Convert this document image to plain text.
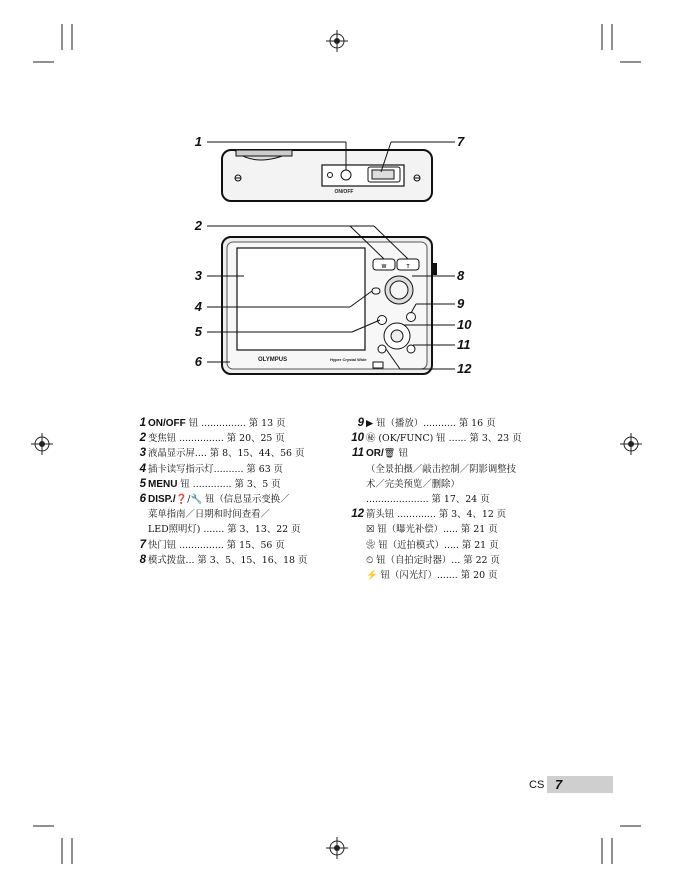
ON/OFF
W	T
OLYMPUS	Hyper Crystal Wide
1	7
2
3	8
4	9
5	10
11
6	12
1 ON/OFF 钮 ............... 第 13 页
2 变焦钮 ............... 第 20、25 页
3 液晶显示屏.... 第 8、15、44、56 页
4 插卡读写指示灯.......... 第 63 页
5 MENU 钮 ............. 第 3、5 页
6 DISP./❓/🔧 钮（信息显示变换／
菜单指南／日期和时间查看／
LED照明灯) ....... 第 3、13、22 页
7 快门钮 ............... 第 15、56 页
8 模式拨盘... 第 3、5、15、16、18 页
9 ▶ 钮（播放）........... 第 16 页
10 ㊙ (OK/FUNC) 钮 ...... 第 3、23 页
11 OR/🗑 钮
（全景拍摄／敲击控制／阴影调整技
术／完美预览／删除）
..................... 第 17、24 页
12 箭头钮 ............. 第 3、4、12 页
☒ 钮（曝光补偿）..... 第 21 页
❀ 钮（近拍模式）..... 第 21 页
⏲ 钮（自拍定时器）... 第 22 页
⚡ 钮（闪光灯）....... 第 20 页
CS 7
